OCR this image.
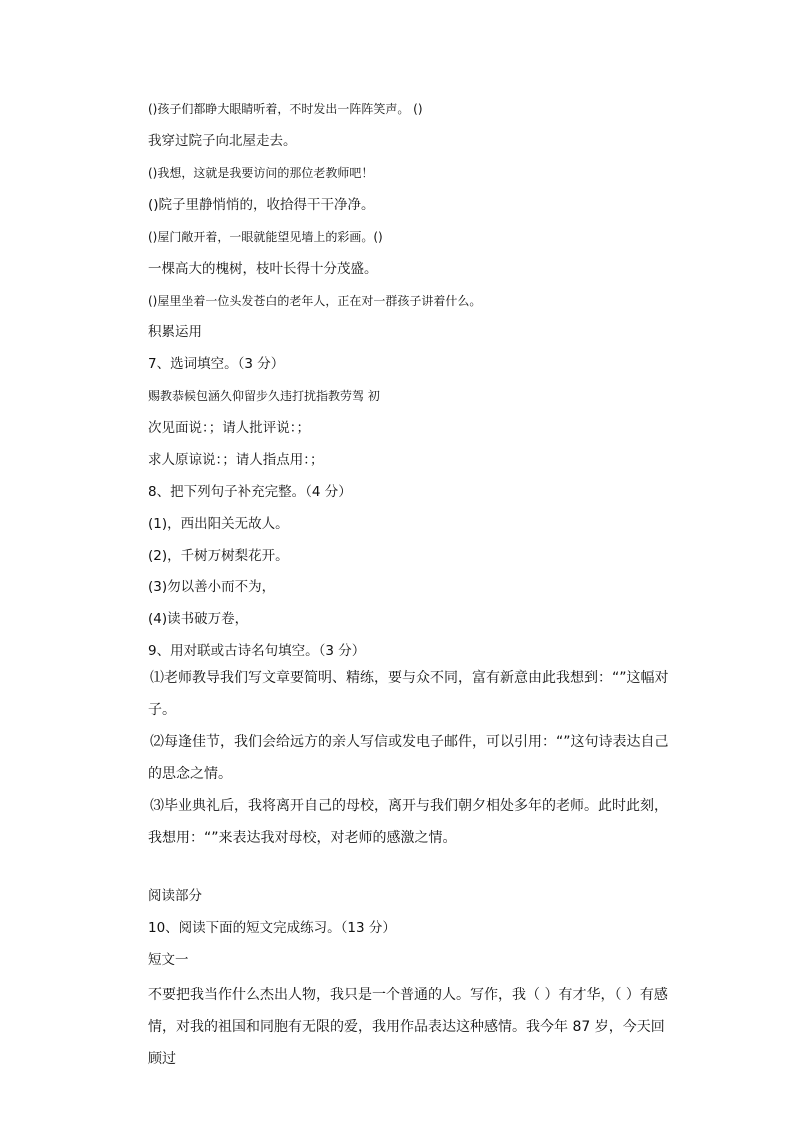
()孩子们都睁大眼睛听着，不时发出一阵阵笑声。 ()
我穿过院子向北屋走去。
()我想，这就是我要访问的那位老教师吧！
()院子里静悄悄的，收拾得干干净净。
()屋门敞开着，一眼就能望见墙上的彩画。()
一棵高大的槐树，枝叶长得十分茂盛。
()屋里坐着一位头发苍白的老年人，正在对一群孩子讲着什么。
积累运用
7、选词填空。（3 分）
赐教恭候包涵久仰留步久违打扰指教劳驾 初
次见面说：；请人批评说：；
求人原谅说：；请人指点用：；
8、把下列句子补充完整。（4 分）
(1)，西出阳关无故人。
(2)，千树万树梨花开。
(3)勿以善小而不为，
(4)读书破万卷，
9、用对联或古诗名句填空。（3 分）
⑴老师教导我们写文章要简明、精练，要与众不同，富有新意由此我想到：“”这幅对子。
⑵每逢佳节，我们会给远方的亲人写信或发电子邮件，可以引用：“”这句诗表达自己的思念之情。
⑶毕业典礼后，我将离开自己的母校，离开与我们朝夕相处多年的老师。此时此刻，我想用：“”来表达我对母校，对老师的感激之情。
阅读部分
10、阅读下面的短文完成练习。（13 分）
短文一
不要把我当作什么杰出人物，我只是一个普通的人。写作，我（ ）有才华，（ ）有感情，对我的祖国和同胞有无限的爱，我用作品表达这种感情。我今年 87 岁，今天回顾过
